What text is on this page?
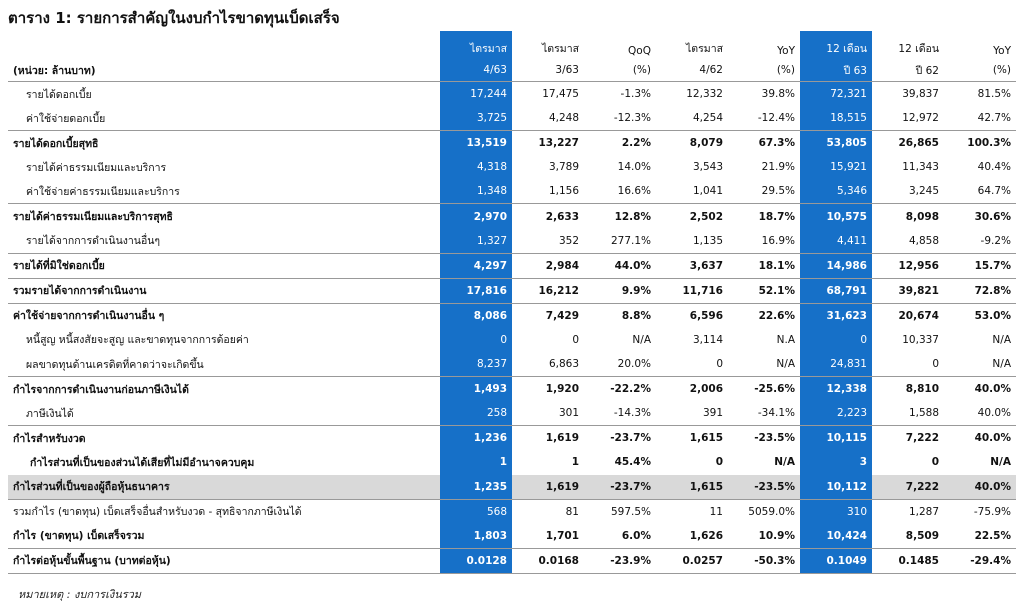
ตาราง 1: รายการสำคัญในงบกำไรขาดทุนเบ็ดเสร็จ
	ไตรมาส	ไตรมาส	QoQ	ไตรมาส	YoY	12 เดือน	12 เดือน	YoY
(หน่วย: ล้านบาท)	4/63	3/63	(%)	4/62	(%)	ปี 63	ปี 62	(%)
รายได้ดอกเบี้ย	17,244	17,475	-1.3%	12,332	39.8%	72,321	39,837	81.5%
ค่าใช้จ่ายดอกเบี้ย	3,725	4,248	-12.3%	4,254	-12.4%	18,515	12,972	42.7%
รายได้ดอกเบี้ยสุทธิ	13,519	13,227	2.2%	8,079	67.3%	53,805	26,865	100.3%
รายได้ค่าธรรมเนียมและบริการ	4,318	3,789	14.0%	3,543	21.9%	15,921	11,343	40.4%
ค่าใช้จ่ายค่าธรรมเนียมและบริการ	1,348	1,156	16.6%	1,041	29.5%	5,346	3,245	64.7%
รายได้ค่าธรรมเนียมและบริการสุทธิ	2,970	2,633	12.8%	2,502	18.7%	10,575	8,098	30.6%
รายได้จากการดำเนินงานอื่นๆ	1,327	352	277.1%	1,135	16.9%	4,411	4,858	-9.2%
รายได้ที่มิใช่ดอกเบี้ย	4,297	2,984	44.0%	3,637	18.1%	14,986	12,956	15.7%
รวมรายได้จากการดำเนินงาน	17,816	16,212	9.9%	11,716	52.1%	68,791	39,821	72.8%
ค่าใช้จ่ายจากการดำเนินงานอื่น ๆ	8,086	7,429	8.8%	6,596	22.6%	31,623	20,674	53.0%
หนี้สูญ หนี้สงสัยจะสูญ และขาดทุนจากการด้อยค่า	0	0	N/A	3,114	N.A	0	10,337	N/A
ผลขาดทุนด้านเครดิตที่คาดว่าจะเกิดขึ้น	8,237	6,863	20.0%	0	N/A	24,831	0	N/A
กำไรจากการดำเนินงานก่อนภาษีเงินได้	1,493	1,920	-22.2%	2,006	-25.6%	12,338	8,810	40.0%
ภาษีเงินได้	258	301	-14.3%	391	-34.1%	2,223	1,588	40.0%
กำไรสำหรับงวด	1,236	1,619	-23.7%	1,615	-23.5%	10,115	7,222	40.0%
กำไรส่วนที่เป็นของส่วนได้เสียที่ไม่มีอำนาจควบคุม	1	1	45.4%	0	N/A	3	0	N/A
กำไรส่วนที่เป็นของผู้ถือหุ้นธนาคาร	1,235	1,619	-23.7%	1,615	-23.5%	10,112	7,222	40.0%
รวมกำไร (ขาดทุน) เบ็ดเสร็จอื่นสำหรับงวด - สุทธิจากภาษีเงินได้	568	81	597.5%	11	5059.0%	310	1,287	-75.9%
กำไร (ขาดทุน) เบ็ดเสร็จรวม	1,803	1,701	6.0%	1,626	10.9%	10,424	8,509	22.5%
กำไรต่อหุ้นขั้นพื้นฐาน (บาทต่อหุ้น)	0.0128	0.0168	-23.9%	0.0257	-50.3%	0.1049	0.1485	-29.4%
หมายเหตุ : งบการเงินรวม
